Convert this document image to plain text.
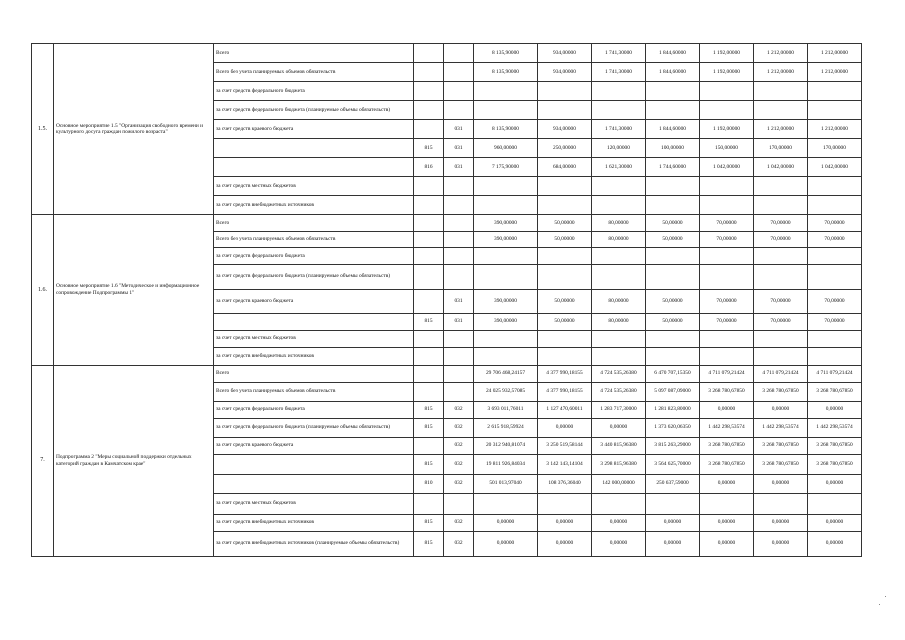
1.5.	Основное мероприятие 1.5 "Организация свободного времени и культурного досуга граждан пожилого возраста"	Всего			8 135,90000	934,00000	1 741,30000	1 844,60000	1 192,00000	1 212,00000	1 212,00000
		Всего без учета планируемых объемов обязательств			8 135,90000	934,00000	1 741,30000	1 844,60000	1 192,00000	1 212,00000	1 212,00000
		за счет средств федерального бюджета									
		за счет средств федерального бюджета (планируемые объемы обязательств)									
		за счет средств краевого бюджета		031	8 135,90000	934,00000	1 741,30000	1 844,60000	1 192,00000	1 212,00000	1 212,00000
			815	031	960,00000	250,00000	120,00000	100,00000	150,00000	170,00000	170,00000
			816	031	7 175,90000	684,00000	1 621,30000	1 744,60000	1 042,00000	1 042,00000	1 042,00000
		за счет средств местных бюджетов									
		за счет средств внебюджетных источников									
1.6.	Основное мероприятие 1.6 "Методическое и информационное сопровождение Подпрограммы 1"	Всего			390,00000	50,00000	80,00000	50,00000	70,00000	70,00000	70,00000
		Всего без учета планируемых объемов обязательств			390,00000	50,00000	80,00000	50,00000	70,00000	70,00000	70,00000
		за счет средств федерального бюджета									
		за счет средств федерального бюджета (планируемые объемы обязательств)									
		за счет средств краевого бюджета		031	390,00000	50,00000	80,00000	50,00000	70,00000	70,00000	70,00000
			815	031	390,00000	50,00000	80,00000	50,00000	70,00000	70,00000	70,00000
		за счет средств местных бюджетов									
		за счет средств внебюджетных источников									
7.	Подпрограмма 2 "Меры социальной поддержки отдельных категорий граждан в Камчатском крае"	Всего			29 706 468,24157	4 377 990,18155	4 724 535,26380	6 470 707,15350	4 711 079,21424	4 711 079,21424	4 711 079,21424
		Всего без учета планируемых объемов обязательств			24 025 932,57085	4 377 990,18155	4 724 535,26380	5 097 087,09000	3 268 780,67850	3 268 780,67850	3 268 780,67850
		за счет средств федерального бюджета	815	032	3 693 011,76011	1 127 470,60011	1 283 717,30000	1 281 823,80000	0,00000	0,00000	0,00000
		за счет средств федерального бюджета (планируемые объемы обязательств)	815	032	2 615 918,59924	0,00000	0,00000	1 373 620,06350	1 442 298,53574	1 442 298,53574	1 442 298,53574
		за счет средств краевого бюджета		032	20 312 940,81074	3 250 519,58144	3 440 815,96380	3 815 263,29000	3 268 780,67850	3 268 780,67850	3 268 780,67850
			815	032	19 811 926,84034	3 142 143,14104	3 298 815,96380	3 564 625,70000	3 268 780,67850	3 268 780,67850	3 268 780,67850
			810	032	501 013,97040	108 376,36040	142 000,00000	250 637,59000	0,00000	0,00000	0,00000
		за счет средств местных бюджетов									
		за счет средств внебюджетных источников	815	032	0,00000	0,00000	0,00000	0,00000	0,00000	0,00000	0,00000
		за счет средств внебюджетных источников (планируемые объемы обязательств)	815	032	0,00000	0,00000	0,00000	0,00000	0,00000	0,00000	0,00000
